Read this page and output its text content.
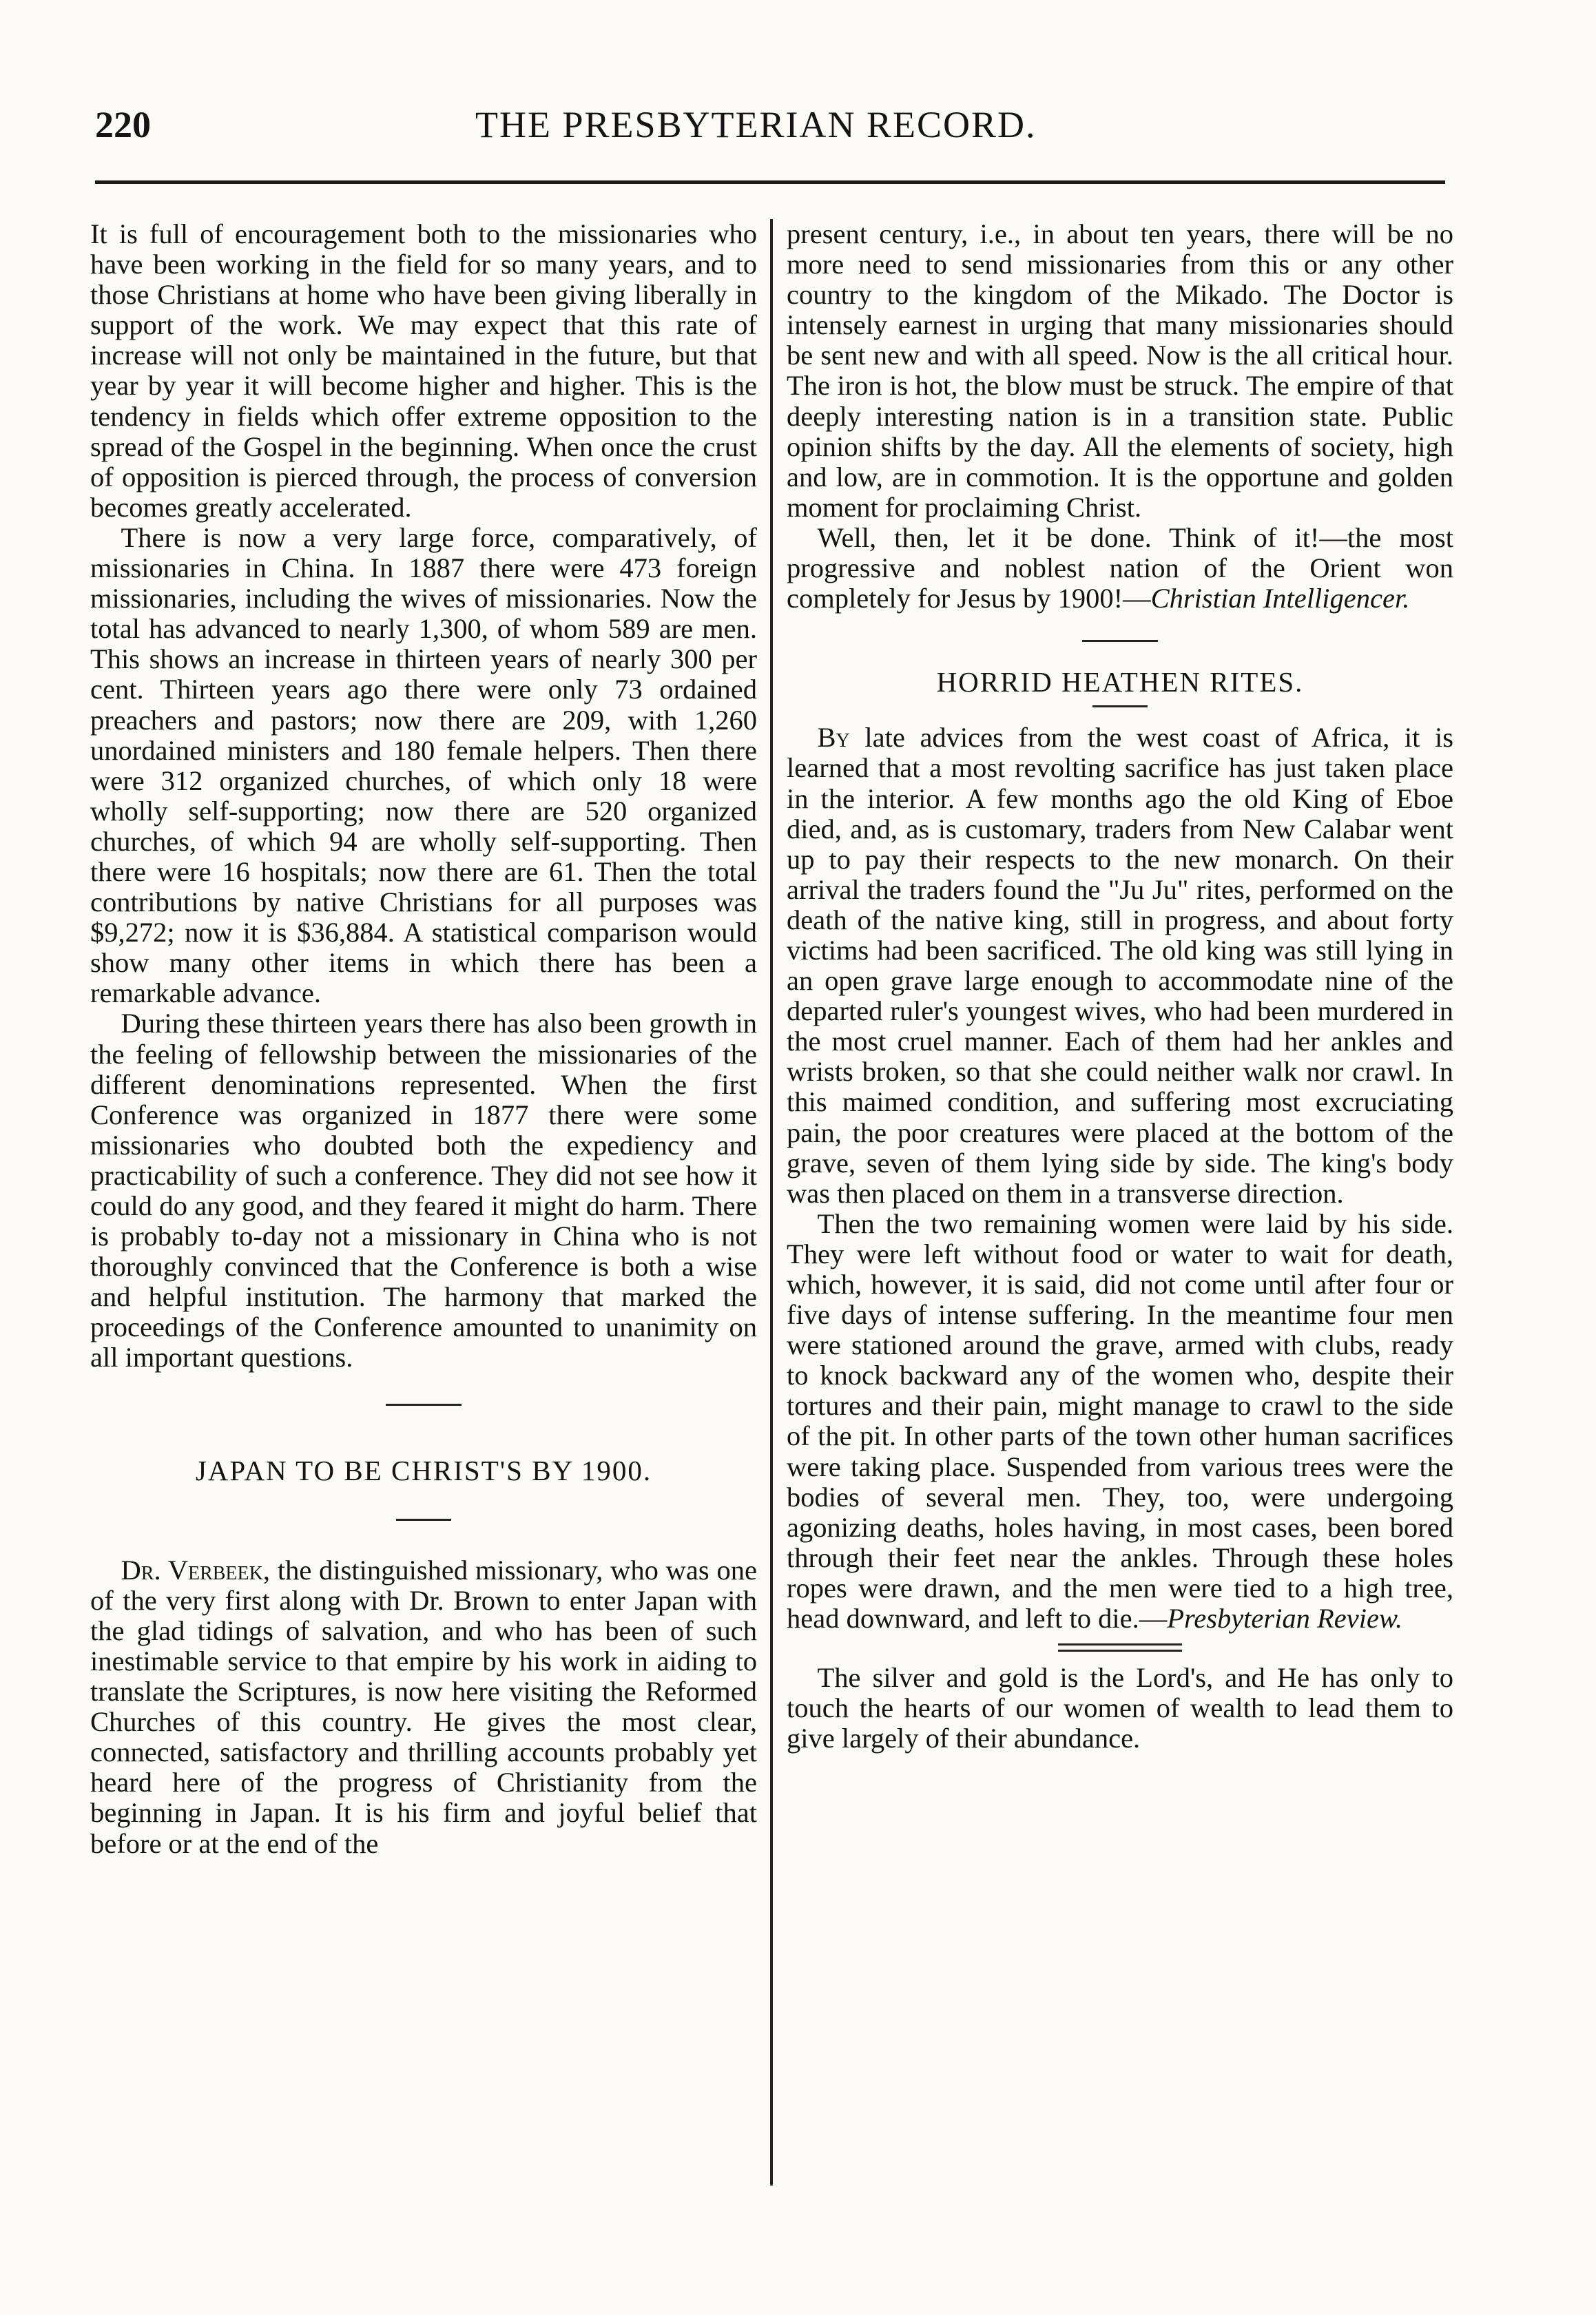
220	THE PRESBYTERIAN RECORD.

It is full of encouragement both to the missionaries who have been working in the field for so many years, and to those Christians at home who have been giving liberally in support of the work. We may expect that this rate of increase will not only be maintained in the future, but that year by year it will become higher and higher. This is the tendency in fields which offer extreme opposition to the spread of the Gospel in the beginning. When once the crust of opposition is pierced through, the process of conversion becomes greatly accelerated.

There is now a very large force, comparatively, of missionaries in China. In 1887 there were 473 foreign missionaries, including the wives of missionaries. Now the total has advanced to nearly 1,300, of whom 589 are men. This shows an increase in thirteen years of nearly 300 per cent. Thirteen years ago there were only 73 ordained preachers and pastors; now there are 209, with 1,260 unordained ministers and 180 female helpers. Then there were 312 organized churches, of which only 18 were wholly self-supporting; now there are 520 organized churches, of which 94 are wholly self-supporting. Then there were 16 hospitals; now there are 61. Then the total contributions by native Christians for all purposes was $9,272; now it is $36,884. A statistical comparison would show many other items in which there has been a remarkable advance.

During these thirteen years there has also been growth in the feeling of fellowship between the missionaries of the different denominations represented. When the first Conference was organized in 1877 there were some missionaries who doubted both the expediency and practicability of such a conference. They did not see how it could do any good, and they feared it might do harm. There is probably to-day not a missionary in China who is not thoroughly convinced that the Conference is both a wise and helpful institution. The harmony that marked the proceedings of the Conference amounted to unanimity on all important questions.

JAPAN TO BE CHRIST'S BY 1900.

Dr. Verbeek, the distinguished missionary, who was one of the very first along with Dr. Brown to enter Japan with the glad tidings of salvation, and who has been of such inestimable service to that empire by his work in aiding to translate the Scriptures, is now here visiting the Reformed Churches of this country. He gives the most clear, connected, satisfactory and thrilling accounts probably yet heard here of the progress of Christianity from the beginning in Japan. It is his firm and joyful belief that before or at the end of the

present century, i.e., in about ten years, there will be no more need to send missionaries from this or any other country to the kingdom of the Mikado. The Doctor is intensely earnest in urging that many missionaries should be sent new and with all speed. Now is the all critical hour. The iron is hot, the blow must be struck. The empire of that deeply interesting nation is in a transition state. Public opinion shifts by the day. All the elements of society, high and low, are in commotion. It is the opportune and golden moment for proclaiming Christ.

Well, then, let it be done. Think of it!—the most progressive and noblest nation of the Orient won completely for Jesus by 1900!—Christian Intelligencer.

HORRID HEATHEN RITES.

By late advices from the west coast of Africa, it is learned that a most revolting sacrifice has just taken place in the interior. A few months ago the old King of Eboe died, and, as is customary, traders from New Calabar went up to pay their respects to the new monarch. On their arrival the traders found the "Ju Ju" rites, performed on the death of the native king, still in progress, and about forty victims had been sacrificed. The old king was still lying in an open grave large enough to accommodate nine of the departed ruler's youngest wives, who had been murdered in the most cruel manner. Each of them had her ankles and wrists broken, so that she could neither walk nor crawl. In this maimed condition, and suffering most excruciating pain, the poor creatures were placed at the bottom of the grave, seven of them lying side by side. The king's body was then placed on them in a transverse direction.

Then the two remaining women were laid by his side. They were left without food or water to wait for death, which, however, it is said, did not come until after four or five days of intense suffering. In the meantime four men were stationed around the grave, armed with clubs, ready to knock backward any of the women who, despite their tortures and their pain, might manage to crawl to the side of the pit. In other parts of the town other human sacrifices were taking place. Suspended from various trees were the bodies of several men. They, too, were undergoing agonizing deaths, holes having, in most cases, been bored through their feet near the ankles. Through these holes ropes were drawn, and the men were tied to a high tree, head downward, and left to die.—Presbyterian Review.

The silver and gold is the Lord's, and He has only to touch the hearts of our women of wealth to lead them to give largely of their abundance.
